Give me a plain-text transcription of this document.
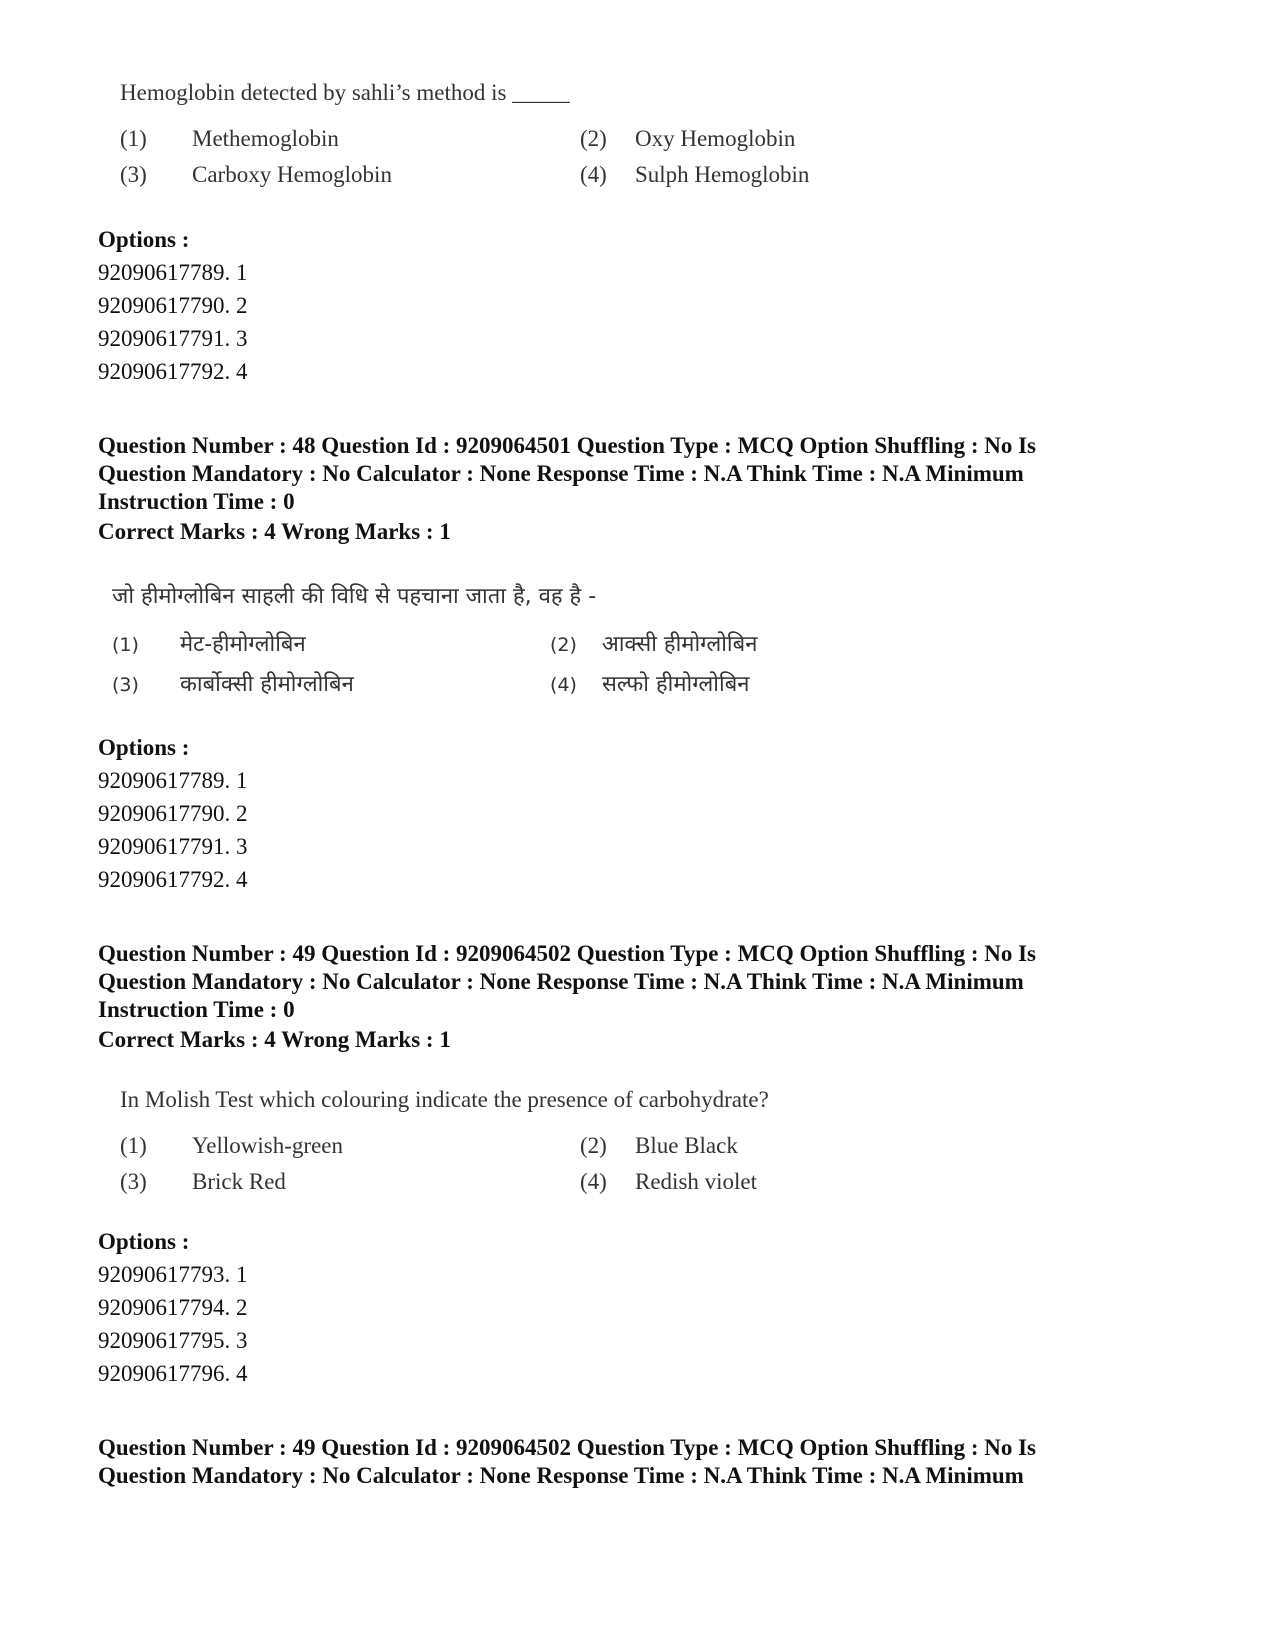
Hemoglobin detected by sahli’s method is _____
(1) Methemoglobin	(2) Oxy Hemoglobin
(3) Carboxy Hemoglobin	(4) Sulph Hemoglobin
Options :
92090617789. 1
92090617790. 2
92090617791. 3
92090617792. 4
Question Number : 48 Question Id : 9209064501 Question Type : MCQ Option Shuffling : No Is
Question Mandatory : No Calculator : None Response Time : N.A Think Time : N.A Minimum
Instruction Time : 0
Correct Marks : 4 Wrong Marks : 1
जो हीमोग्लोबिन साहली की विधि से पहचाना जाता है, वह है -
(1) मेट-हीमोग्लोबिन	(2) आक्सी हीमोग्लोबिन
(3) कार्बोक्सी हीमोग्लोबिन	(4) सल्फो हीमोग्लोबिन
Options :
92090617789. 1
92090617790. 2
92090617791. 3
92090617792. 4
Question Number : 49 Question Id : 9209064502 Question Type : MCQ Option Shuffling : No Is
Question Mandatory : No Calculator : None Response Time : N.A Think Time : N.A Minimum
Instruction Time : 0
Correct Marks : 4 Wrong Marks : 1
In Molish Test which colouring indicate the presence of carbohydrate?
(1) Yellowish-green	(2) Blue Black
(3) Brick Red	(4) Redish violet
Options :
92090617793. 1
92090617794. 2
92090617795. 3
92090617796. 4
Question Number : 49 Question Id : 9209064502 Question Type : MCQ Option Shuffling : No Is
Question Mandatory : No Calculator : None Response Time : N.A Think Time : N.A Minimum
